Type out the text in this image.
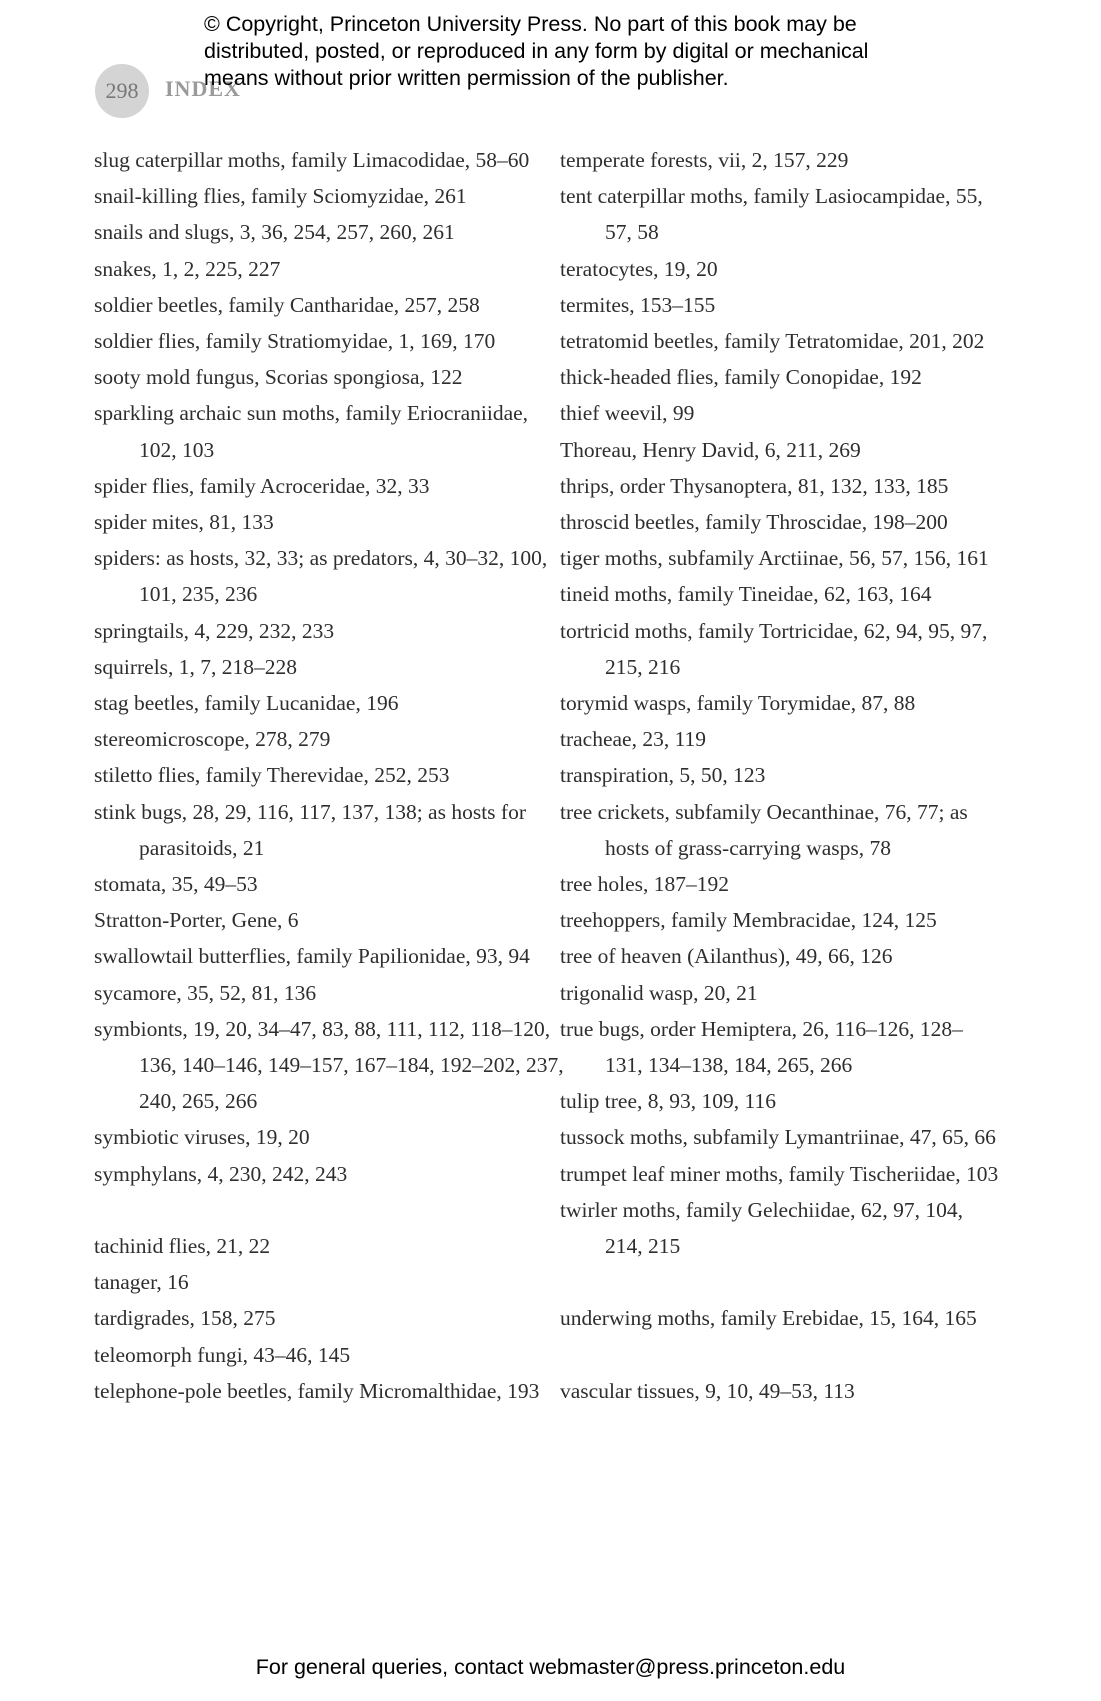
© Copyright, Princeton University Press. No part of this book may be distributed, posted, or reproduced in any form by digital or mechanical means without prior written permission of the publisher.
298	INDEX
slug caterpillar moths, family Limacodidae, 58–60
snail-killing flies, family Sciomyzidae, 261
snails and slugs, 3, 36, 254, 257, 260, 261
snakes, 1, 2, 225, 227
soldier beetles, family Cantharidae, 257, 258
soldier flies, family Stratiomyidae, 1, 169, 170
sooty mold fungus, Scorias spongiosa, 122
sparkling archaic sun moths, family Eriocraniidae, 102, 103
spider flies, family Acroceridae, 32, 33
spider mites, 81, 133
spiders: as hosts, 32, 33; as predators, 4, 30–32, 100, 101, 235, 236
springtails, 4, 229, 232, 233
squirrels, 1, 7, 218–228
stag beetles, family Lucanidae, 196
stereomicroscope, 278, 279
stiletto flies, family Therevidae, 252, 253
stink bugs, 28, 29, 116, 117, 137, 138; as hosts for parasitoids, 21
stomata, 35, 49–53
Stratton-Porter, Gene, 6
swallowtail butterflies, family Papilionidae, 93, 94
sycamore, 35, 52, 81, 136
symbionts, 19, 20, 34–47, 83, 88, 111, 112, 118–120, 136, 140–146, 149–157, 167–184, 192–202, 237, 240, 265, 266
symbiotic viruses, 19, 20
symphylans, 4, 230, 242, 243
tachinid flies, 21, 22
tanager, 16
tardigrades, 158, 275
teleomorph fungi, 43–46, 145
telephone-pole beetles, family Micromalthidae, 193
temperate forests, vii, 2, 157, 229
tent caterpillar moths, family Lasiocampidae, 55, 57, 58
teratocytes, 19, 20
termites, 153–155
tetratomid beetles, family Tetratomidae, 201, 202
thick-headed flies, family Conopidae, 192
thief weevil, 99
Thoreau, Henry David, 6, 211, 269
thrips, order Thysanoptera, 81, 132, 133, 185
throscid beetles, family Throscidae, 198–200
tiger moths, subfamily Arctiinae, 56, 57, 156, 161
tineid moths, family Tineidae, 62, 163, 164
tortricid moths, family Tortricidae, 62, 94, 95, 97, 215, 216
torymid wasps, family Torymidae, 87, 88
tracheae, 23, 119
transpiration, 5, 50, 123
tree crickets, subfamily Oecanthinae, 76, 77; as hosts of grass-carrying wasps, 78
tree holes, 187–192
treehoppers, family Membracidae, 124, 125
tree of heaven (Ailanthus), 49, 66, 126
trigonalid wasp, 20, 21
true bugs, order Hemiptera, 26, 116–126, 128–131, 134–138, 184, 265, 266
tulip tree, 8, 93, 109, 116
tussock moths, subfamily Lymantriinae, 47, 65, 66
trumpet leaf miner moths, family Tischeriidae, 103
twirler moths, family Gelechiidae, 62, 97, 104, 214, 215
underwing moths, family Erebidae, 15, 164, 165
vascular tissues, 9, 10, 49–53, 113
For general queries, contact webmaster@press.princeton.edu
